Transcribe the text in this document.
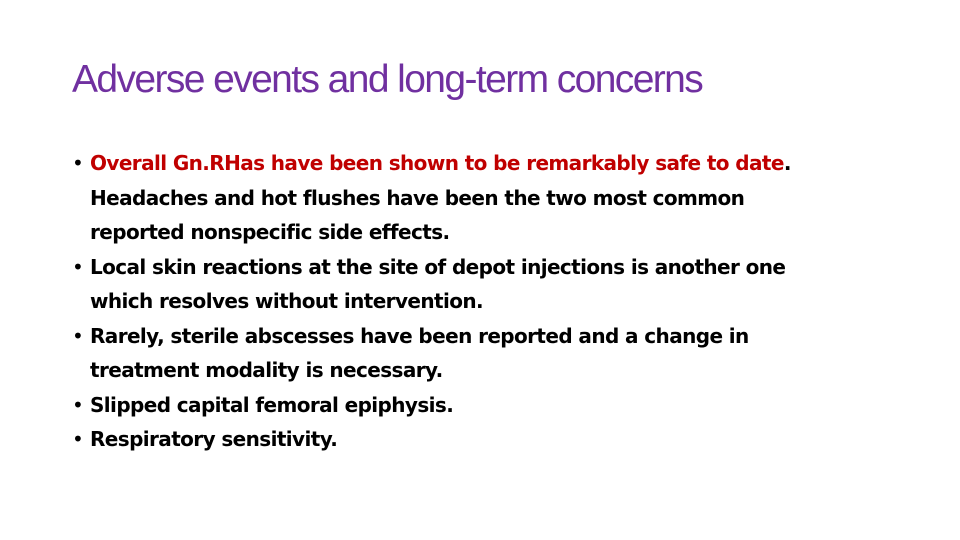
Adverse events and long-term concerns
• Overall Gn.RHas have been shown to be remarkably safe to date.
Headaches and hot flushes have been the two most common
reported nonspecific side effects.
• Local skin reactions at the site of depot injections is another one
which resolves without intervention.
• Rarely, sterile abscesses have been reported and a change in
treatment modality is necessary.
• Slipped capital femoral epiphysis.
• Respiratory sensitivity.
